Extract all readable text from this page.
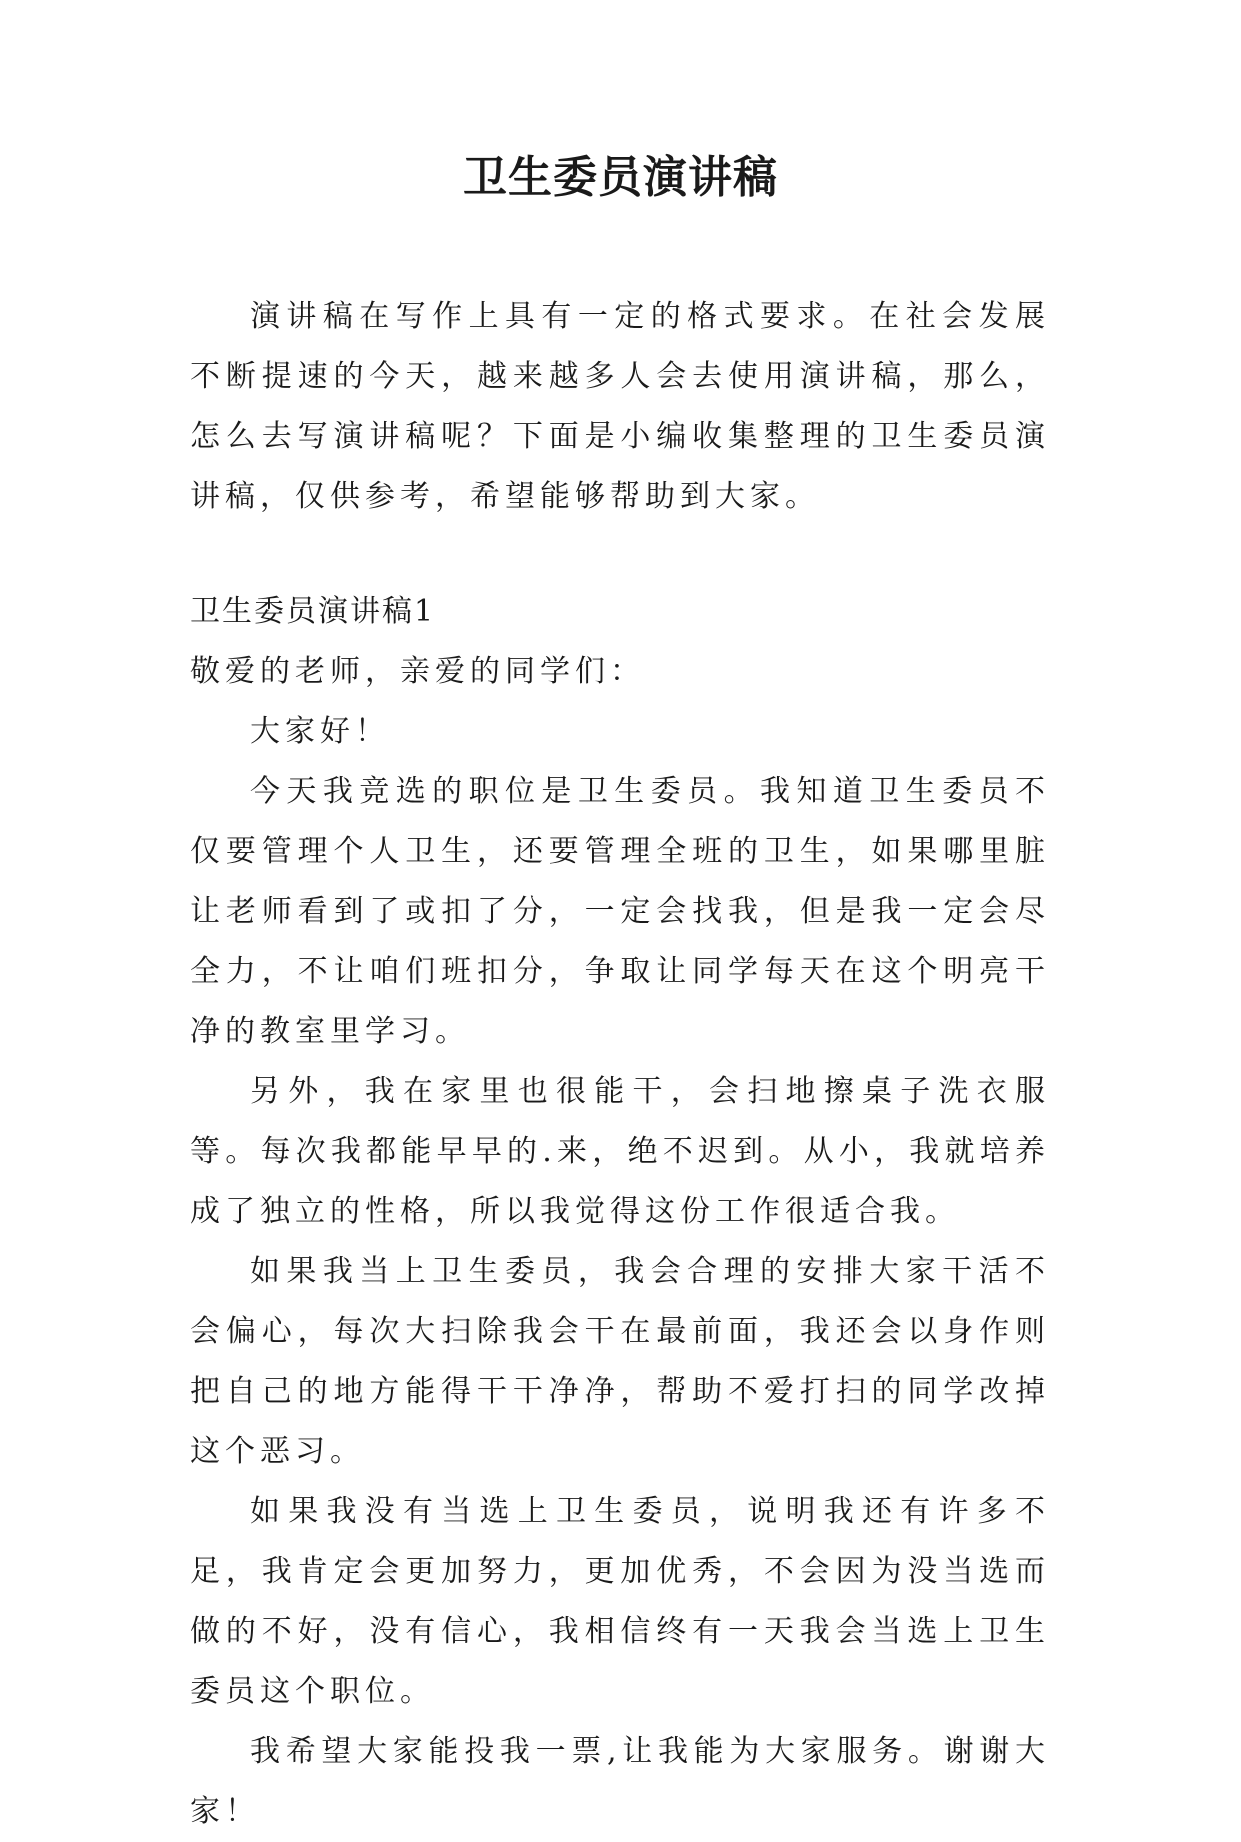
卫生委员演讲稿

演讲稿在写作上具有一定的格式要求。在社会发展不断提速的今天，越来越多人会去使用演讲稿，那么，怎么去写演讲稿呢？下面是小编收集整理的卫生委员演讲稿，仅供参考，希望能够帮助到大家。

卫生委员演讲稿1

敬爱的老师，亲爱的同学们：

大家好！

今天我竞选的职位是卫生委员。我知道卫生委员不仅要管理个人卫生，还要管理全班的卫生，如果哪里脏让老师看到了或扣了分，一定会找我，但是我一定会尽全力，不让咱们班扣分，争取让同学每天在这个明亮干净的教室里学习。

另外，我在家里也很能干，会扫地擦桌子洗衣服等。每次我都能早早的.来，绝不迟到。从小，我就培养成了独立的性格，所以我觉得这份工作很适合我。

如果我当上卫生委员，我会合理的安排大家干活不会偏心，每次大扫除我会干在最前面，我还会以身作则把自己的地方能得干干净净，帮助不爱打扫的同学改掉这个恶习。

如果我没有当选上卫生委员，说明我还有许多不足，我肯定会更加努力，更加优秀，不会因为没当选而做的不好，没有信心，我相信终有一天我会当选上卫生委员这个职位。

我希望大家能投我一票,让我能为大家服务。谢谢大家！
